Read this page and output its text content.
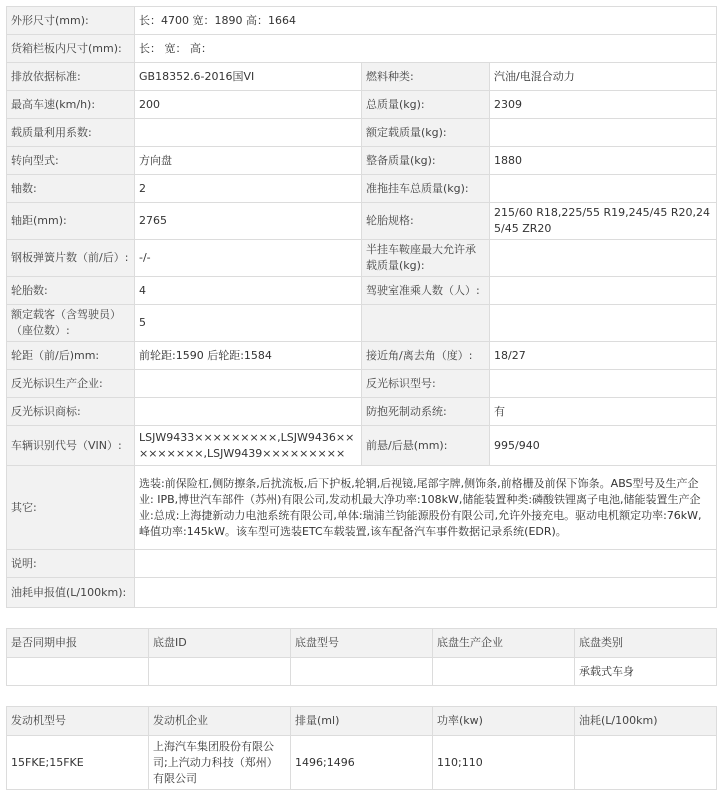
外形尺寸(mm):	长：4700 宽：1890 高：1664		
货箱栏板内尺寸(mm):	长： 宽： 高：		
排放依据标准:	GB18352.6-2016国VI	燃料种类:	汽油/电混合动力
最高车速(km/h):	200	总质量(kg):	2309
载质量利用系数:		额定载质量(kg):	
转向型式:	方向盘	整备质量(kg):	1880
轴数:	2	准拖挂车总质量(kg):	
轴距(mm):	2765	轮胎规格:	215/60 R18,225/55 R19,245/45 R20,245/45 ZR20
钢板弹簧片数（前/后）:	-/-	半挂车鞍座最大允许承载质量(kg):	
轮胎数:	4	驾驶室准乘人数（人）:	
额定载客（含驾驶员）（座位数）:	5		
轮距（前/后)mm:	前轮距:1590 后轮距:1584	接近角/离去角（度）:	18/27
反光标识生产企业:		反光标识型号:	
反光标识商标:		防抱死制动系统:	有
车辆识别代号（VIN）:	LSJW9433×××××××××,LSJW9436×××××××××,LSJW9439×××××××××	前悬/后悬(mm):	995/940
其它:	选装:前保险杠,侧防擦条,后扰流板,后下护板,轮辋,后视镜,尾部字牌,侧饰条,前格栅及前保下饰条。ABS型号及生产企业: IPB,博世汽车部件（苏州)有限公司,发动机最大净功率:108kW,储能装置种类:磷酸铁锂离子电池,储能装置生产企业:总成:上海捷新动力电池系统有限公司,单体:瑞浦兰钧能源股份有限公司,允许外接充电。驱动电机额定功率:76kW,峰值功率:145kW。该车型可选装ETC车载装置,该车配备汽车事件数据记录系统(EDR)。		
说明:			
油耗申报值(L/100km):			
是否同期申报	底盘ID	底盘型号	底盘生产企业	底盘类别
				承载式车身
发动机型号	发动机企业	排量(ml)	功率(kw)	油耗(L/100km)
15FKE;15FKE	上海汽车集团股份有限公司;上汽动力科技（郑州）有限公司	1496;1496	110;110	
